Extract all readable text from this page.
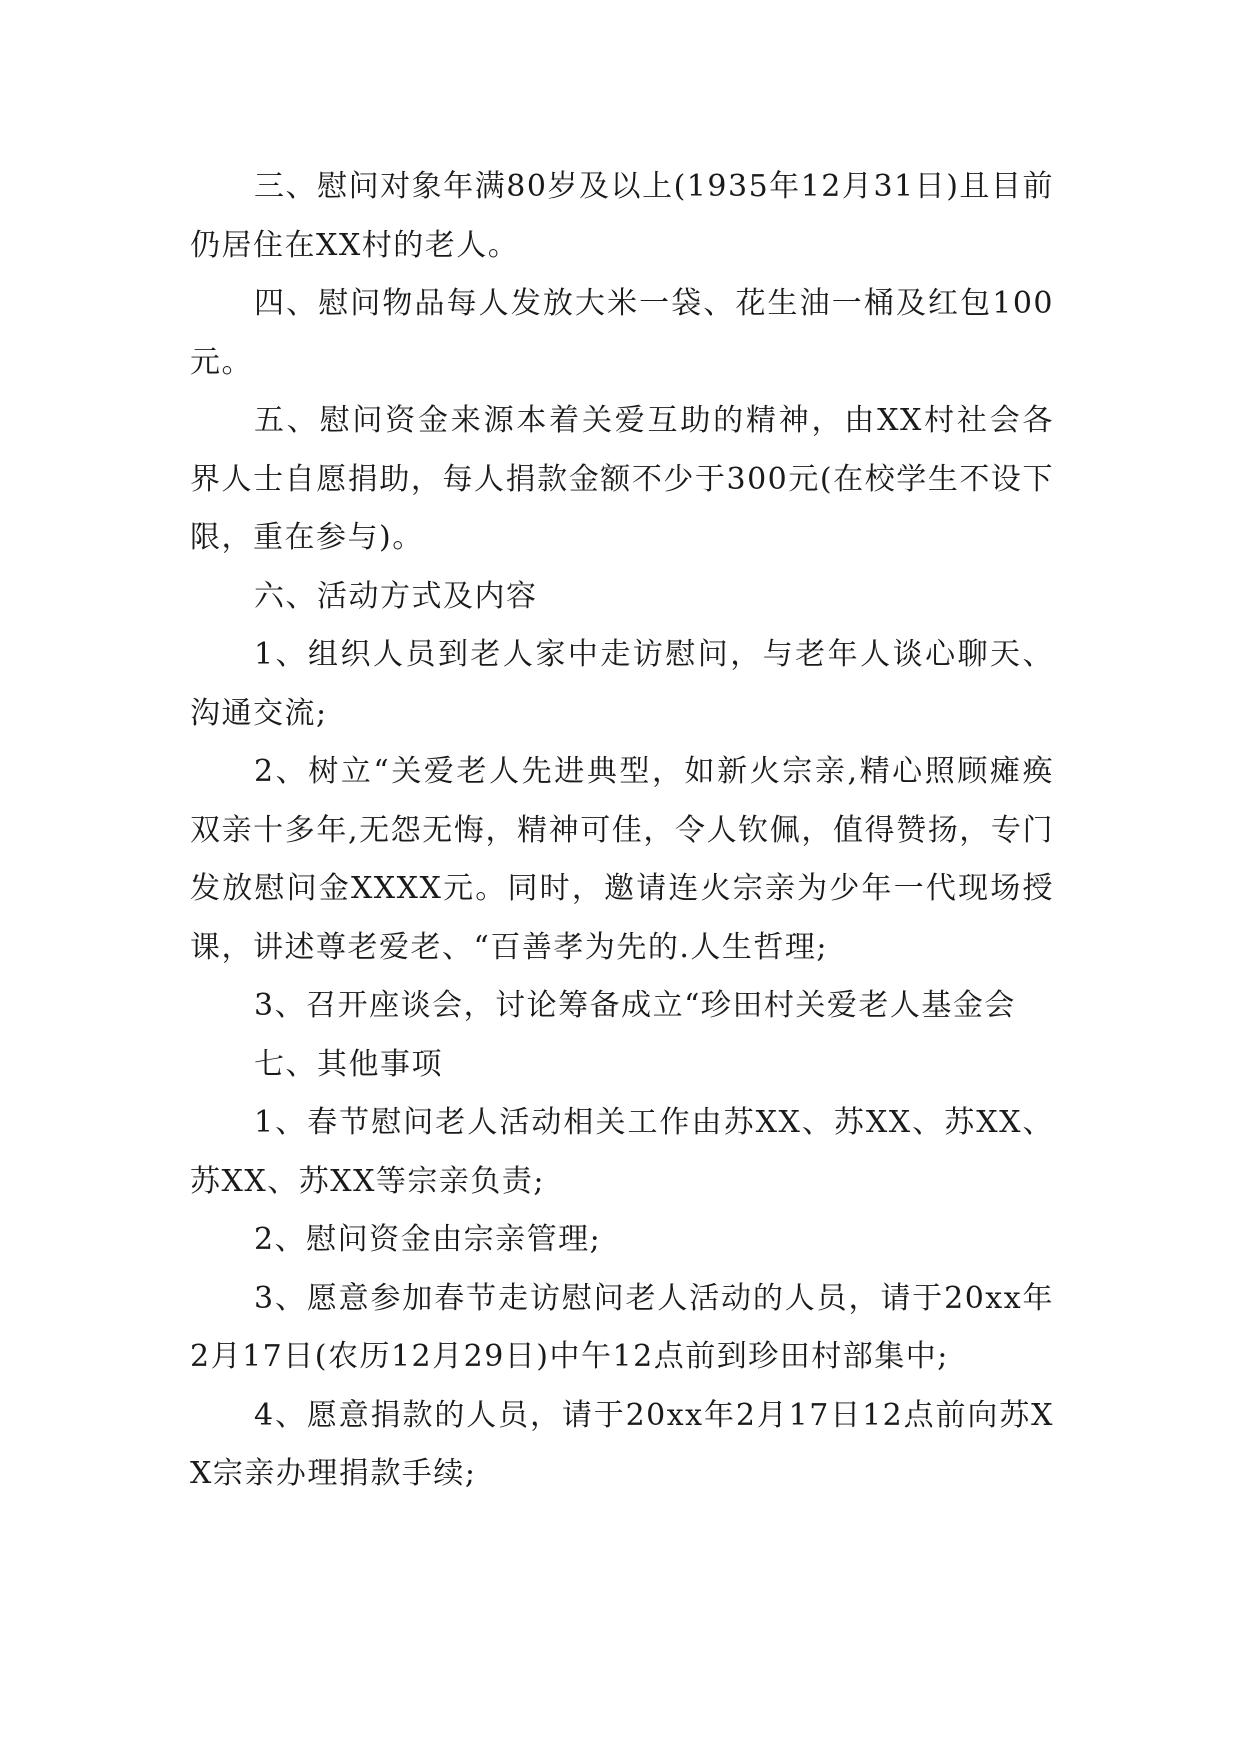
三、慰问对象年满80岁及以上(1935年12月31日)且目前仍居住在XX村的老人。

四、慰问物品每人发放大米一袋、花生油一桶及红包100元。

五、慰问资金来源本着关爱互助的精神，由XX村社会各界人士自愿捐助，每人捐款金额不少于300元(在校学生不设下限，重在参与)。

六、活动方式及内容

1、组织人员到老人家中走访慰问，与老年人谈心聊天、沟通交流;

2、树立“关爱老人先进典型，如新火宗亲,精心照顾瘫痪双亲十多年,无怨无悔，精神可佳，令人钦佩，值得赞扬，专门发放慰问金XXXX元。同时，邀请连火宗亲为少年一代现场授课，讲述尊老爱老、“百善孝为先的.人生哲理;

3、召开座谈会，讨论筹备成立“珍田村关爱老人基金会

七、其他事项

1、春节慰问老人活动相关工作由苏XX、苏XX、苏XX、苏XX、苏XX等宗亲负责;

2、慰问资金由宗亲管理;

3、愿意参加春节走访慰问老人活动的人员，请于20xx年2月17日(农历12月29日)中午12点前到珍田村部集中;

4、愿意捐款的人员，请于20xx年2月17日12点前向苏XX宗亲办理捐款手续;
